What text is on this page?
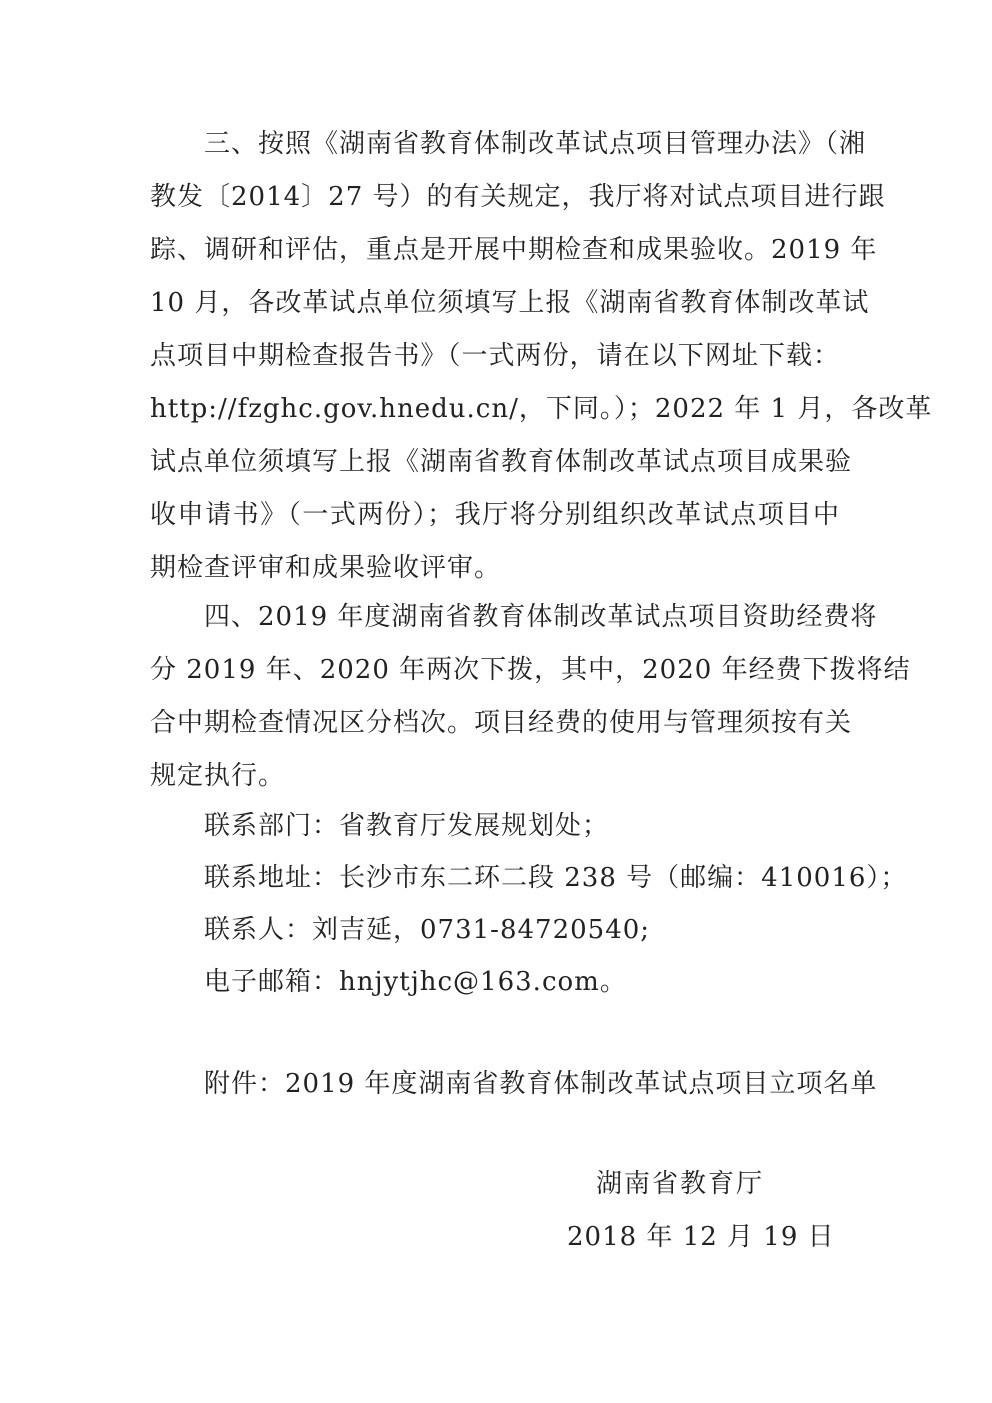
三、按照《湖南省教育体制改革试点项目管理办法》（湘
教发〔2014〕27 号）的有关规定，我厅将对试点项目进行跟
踪、调研和评估，重点是开展中期检查和成果验收。2019 年
10 月，各改革试点单位须填写上报《湖南省教育体制改革试
点项目中期检查报告书》（一式两份，请在以下网址下载：
http://fzghc.gov.hnedu.cn/，下同。）；2022 年 1 月，各改革
试点单位须填写上报《湖南省教育体制改革试点项目成果验
收申请书》（一式两份）；我厅将分别组织改革试点项目中
期检查评审和成果验收评审。
四、2019 年度湖南省教育体制改革试点项目资助经费将
分 2019 年、2020 年两次下拨，其中，2020 年经费下拨将结
合中期检查情况区分档次。项目经费的使用与管理须按有关
规定执行。
联系部门：省教育厅发展规划处；
联系地址：长沙市东二环二段 238 号（邮编：410016）；
联系人：刘吉延，0731-84720540;
电子邮箱：hnjytjhc@163.com。
附件：2019 年度湖南省教育体制改革试点项目立项名单
湖南省教育厅
2018 年 12 月 19 日
